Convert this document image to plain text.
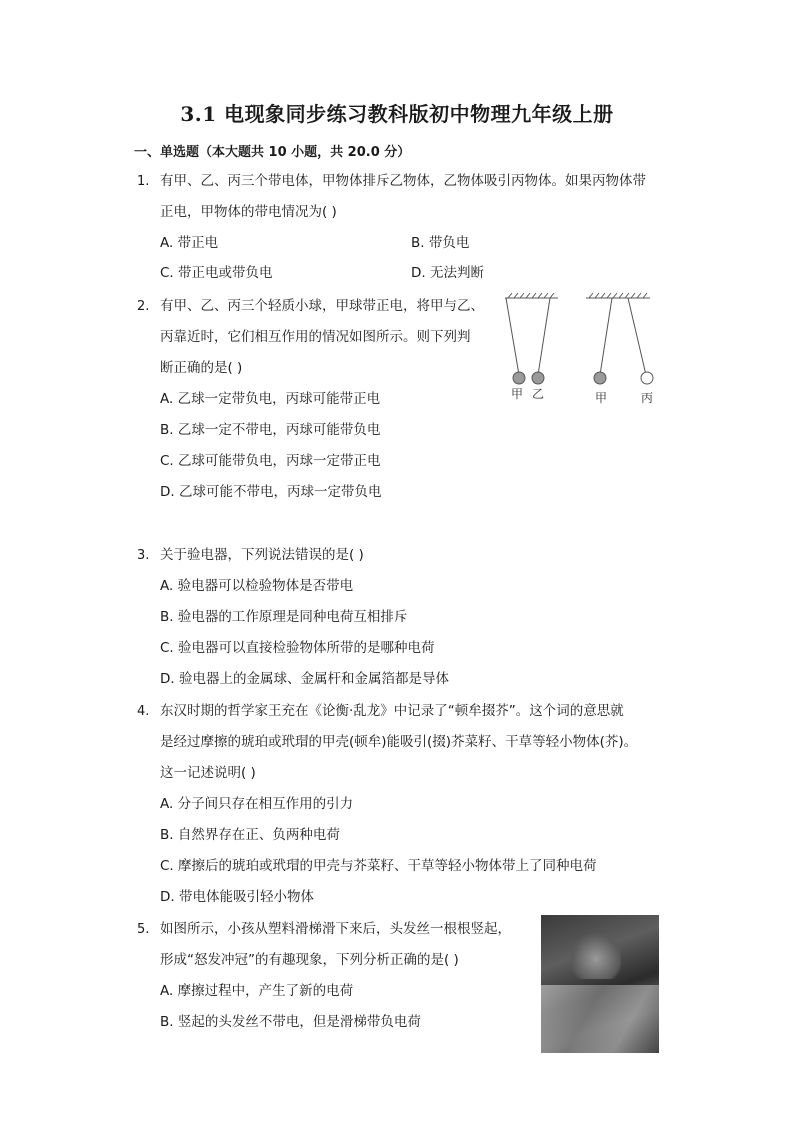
3.1 电现象同步练习教科版初中物理九年级上册
一、单选题（本大题共 10 小题，共 20.0 分）
1. 有甲、乙、丙三个带电体，甲物体排斥乙物体，乙物体吸引丙物体。如果丙物体带
正电，甲物体的带电情况为( )
A. 带正电	B. 带负电
C. 带正电或带负电	D. 无法判断
2. 有甲、乙、丙三个轻质小球，甲球带正电，将甲与乙、
丙靠近时，它们相互作用的情况如图所示。则下列判
断正确的是( )
A. 乙球一定带负电，丙球可能带正电
B. 乙球一定不带电，丙球可能带负电
C. 乙球可能带负电，丙球一定带正电
D. 乙球可能不带电，丙球一定带负电
甲 乙	甲	丙
3. 关于验电器，下列说法错误的是( )
A. 验电器可以检验物体是否带电
B. 验电器的工作原理是同种电荷互相排斥
C. 验电器可以直接检验物体所带的是哪种电荷
D. 验电器上的金属球、金属杆和金属箔都是导体
4. 东汉时期的哲学家王充在《论衡·乱龙》中记录了“顿牟掇芥”。这个词的意思就
是经过摩擦的琥珀或玳瑁的甲壳(顿牟)能吸引(掇)芥菜籽、干草等轻小物体(芥)。
这一记述说明( )
A. 分子间只存在相互作用的引力
B. 自然界存在正、负两种电荷
C. 摩擦后的琥珀或玳瑁的甲壳与芥菜籽、干草等轻小物体带上了同种电荷
D. 带电体能吸引轻小物体
5. 如图所示，小孩从塑料滑梯滑下来后，头发丝一根根竖起，
形成“怒发冲冠”的有趣现象，下列分析正确的是( )
A. 摩擦过程中，产生了新的电荷
B. 竖起的头发丝不带电，但是滑梯带负电荷
